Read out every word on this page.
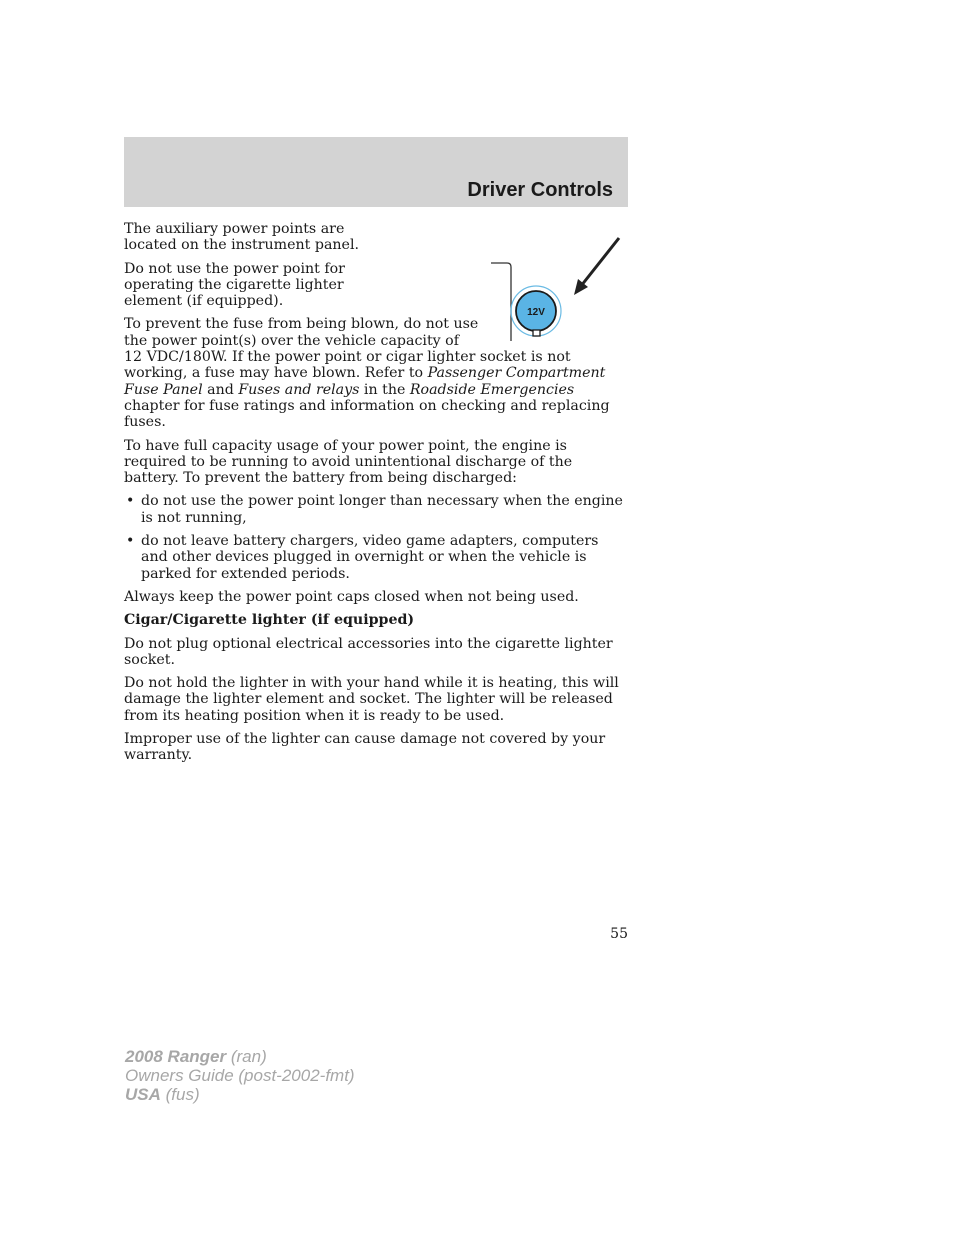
Driver Controls
12V

The auxiliary power points are located on the instrument panel.

Do not use the power point for operating the cigarette lighter element (if equipped).

To prevent the fuse from being blown, do not use the power point(s) over the vehicle capacity of 12 VDC/180W. If the power point or cigar lighter socket is not working, a fuse may have blown. Refer to Passenger Compartment Fuse Panel and Fuses and relays in the Roadside Emergencies chapter for fuse ratings and information on checking and replacing fuses.

To have full capacity usage of your power point, the engine is required to be running to avoid unintentional discharge of the battery. To prevent the battery from being discharged:

• do not use the power point longer than necessary when the engine is not running,
• do not leave battery chargers, video game adapters, computers and other devices plugged in overnight or when the vehicle is parked for extended periods.

Always keep the power point caps closed when not being used.

Cigar/Cigarette lighter (if equipped)

Do not plug optional electrical accessories into the cigarette lighter socket.

Do not hold the lighter in with your hand while it is heating, this will damage the lighter element and socket. The lighter will be released from its heating position when it is ready to be used.

Improper use of the lighter can cause damage not covered by your warranty.

55
2008 Ranger (ran)
Owners Guide (post-2002-fmt)
USA (fus)
